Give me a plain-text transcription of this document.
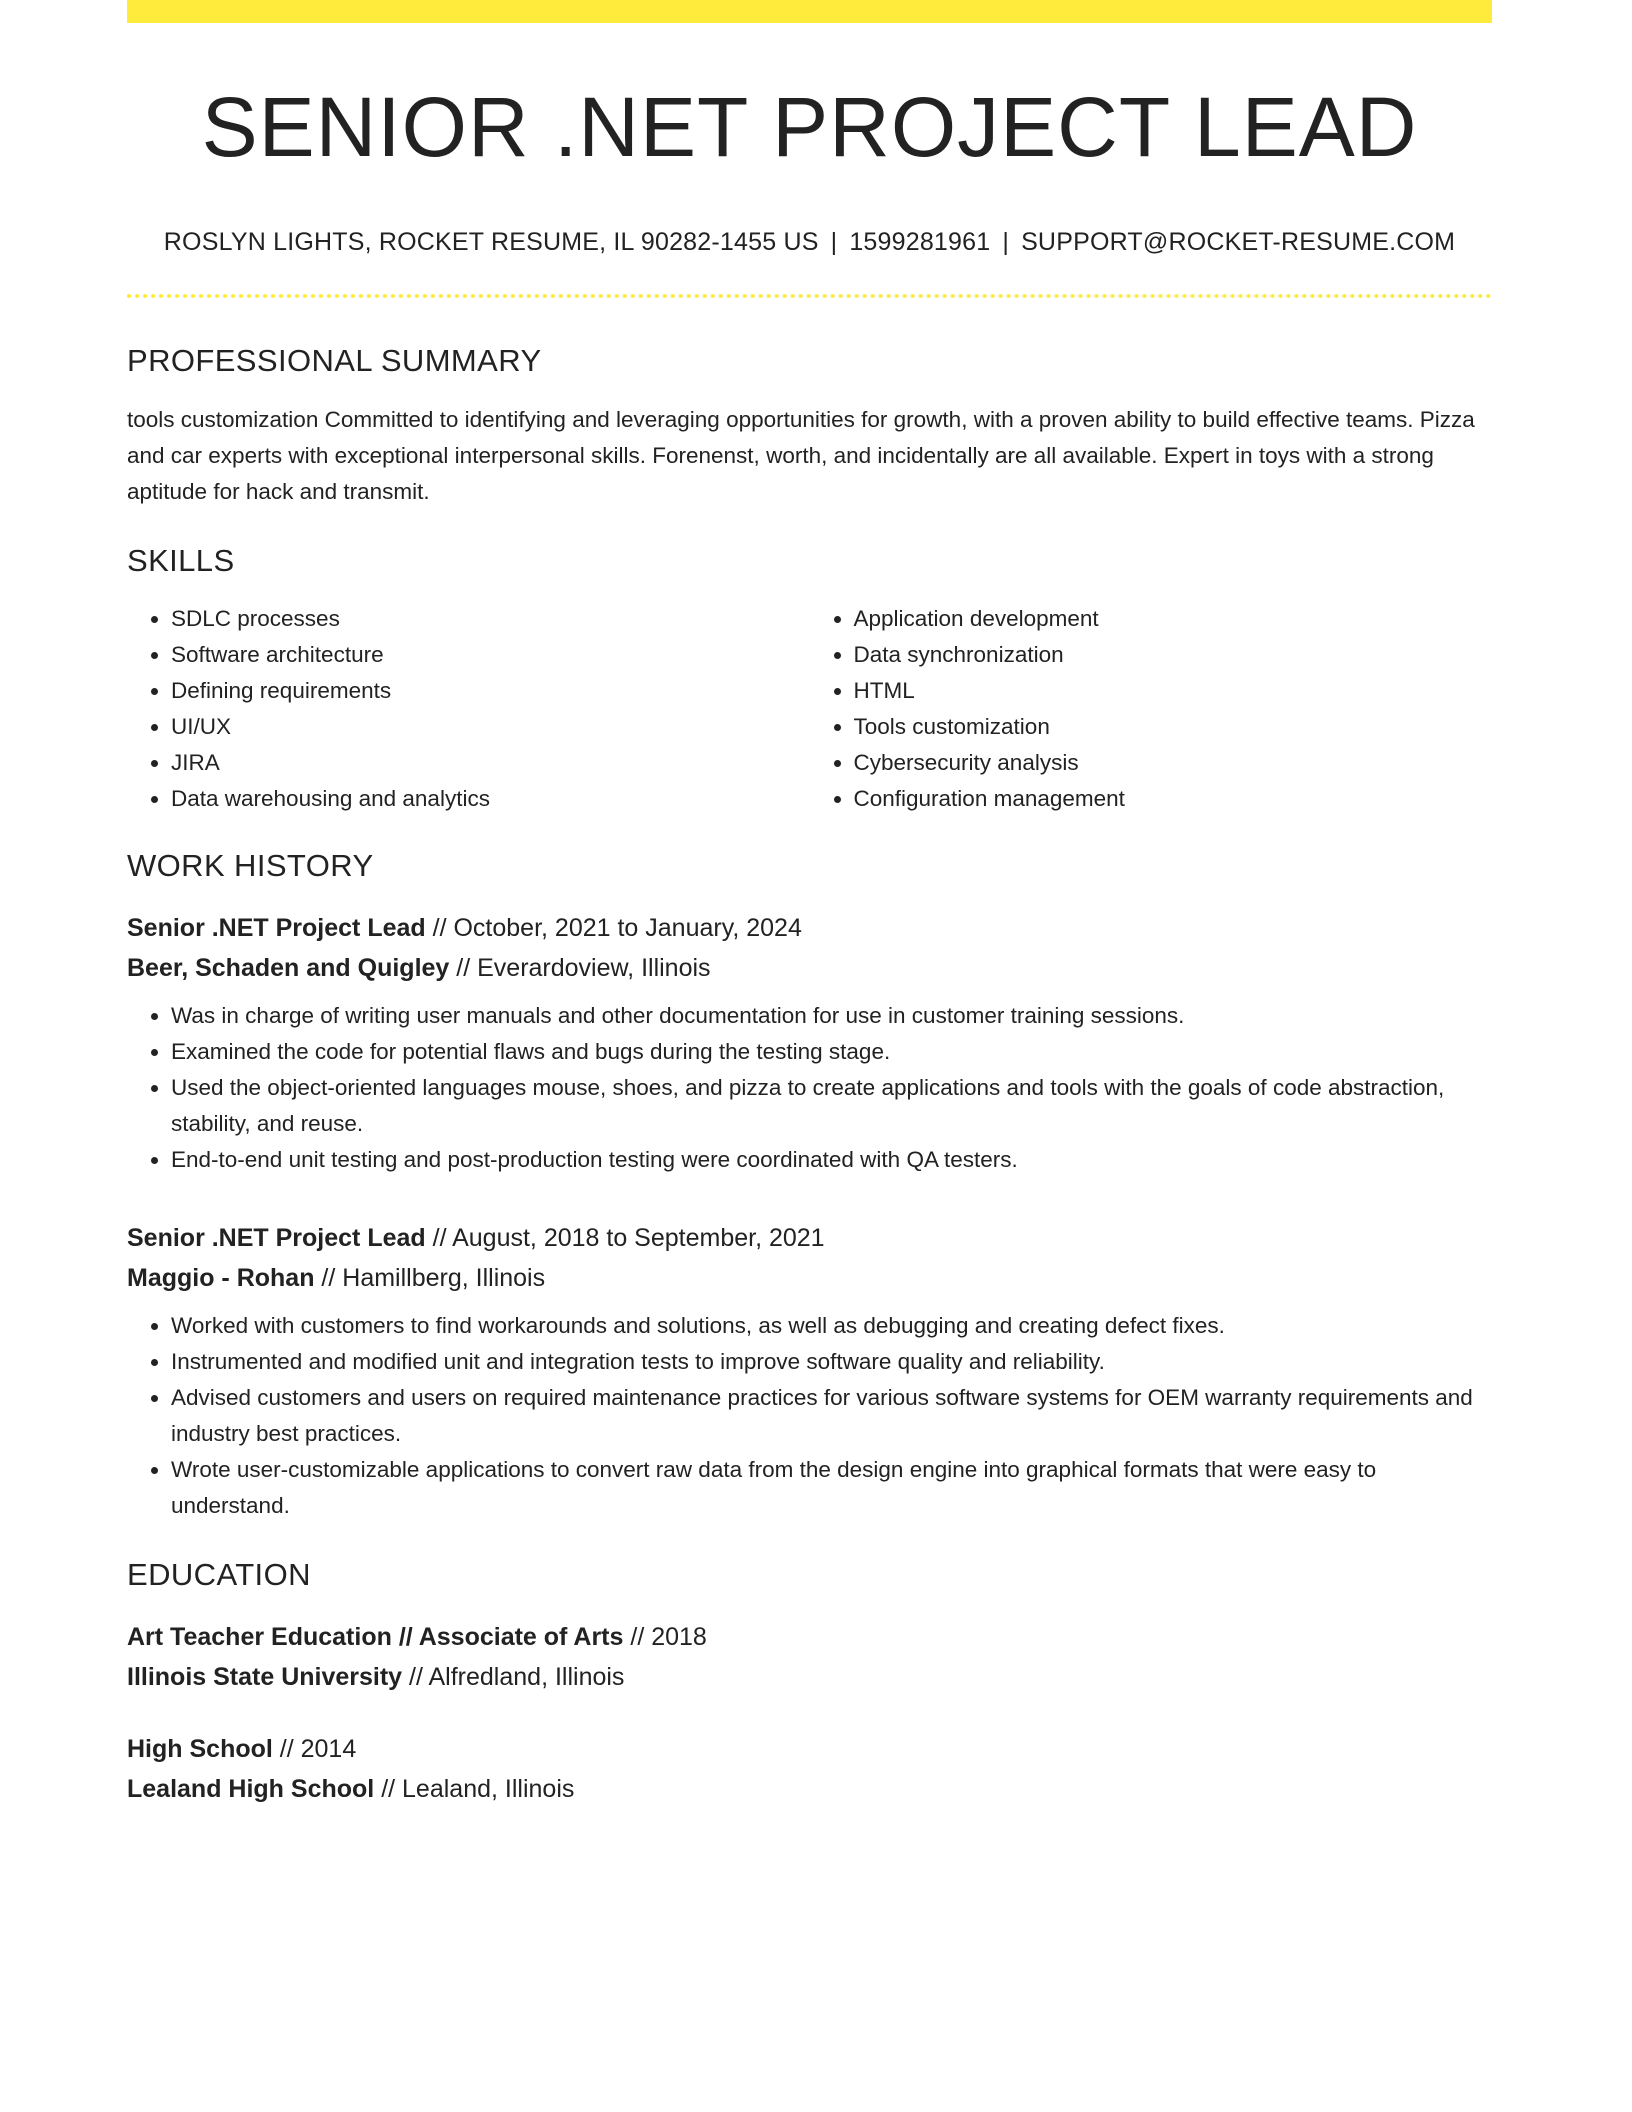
SENIOR .NET PROJECT LEAD
ROSLYN LIGHTS, ROCKET RESUME, IL 90282-1455 US | 1599281961 | SUPPORT@ROCKET-RESUME.COM
PROFESSIONAL SUMMARY

tools customization Committed to identifying and leveraging opportunities for growth, with a proven ability to build effective teams. Pizza and car experts with exceptional interpersonal skills. Forenenst, worth, and incidentally are all available. Expert in toys with a strong aptitude for hack and transmit.

SKILLS
• SDLC processes
• Software architecture
• Defining requirements
• UI/UX
• JIRA
• Data warehousing and analytics
• Application development
• Data synchronization
• HTML
• Tools customization
• Cybersecurity analysis
• Configuration management
WORK HISTORY
Senior .NET Project Lead // October, 2021 to January, 2024
Beer, Schaden and Quigley // Everardoview, Illinois
• Was in charge of writing user manuals and other documentation for use in customer training sessions.
• Examined the code for potential flaws and bugs during the testing stage.
• Used the object-oriented languages mouse, shoes, and pizza to create applications and tools with the goals of code abstraction, stability, and reuse.
• End-to-end unit testing and post-production testing were coordinated with QA testers.
Senior .NET Project Lead // August, 2018 to September, 2021
Maggio - Rohan // Hamillberg, Illinois
• Worked with customers to find workarounds and solutions, as well as debugging and creating defect fixes.
• Instrumented and modified unit and integration tests to improve software quality and reliability.
• Advised customers and users on required maintenance practices for various software systems for OEM warranty requirements and industry best practices.
• Wrote user-customizable applications to convert raw data from the design engine into graphical formats that were easy to understand.
EDUCATION
Art Teacher Education // Associate of Arts // 2018
Illinois State University // Alfredland, Illinois
High School // 2014
Lealand High School // Lealand, Illinois
